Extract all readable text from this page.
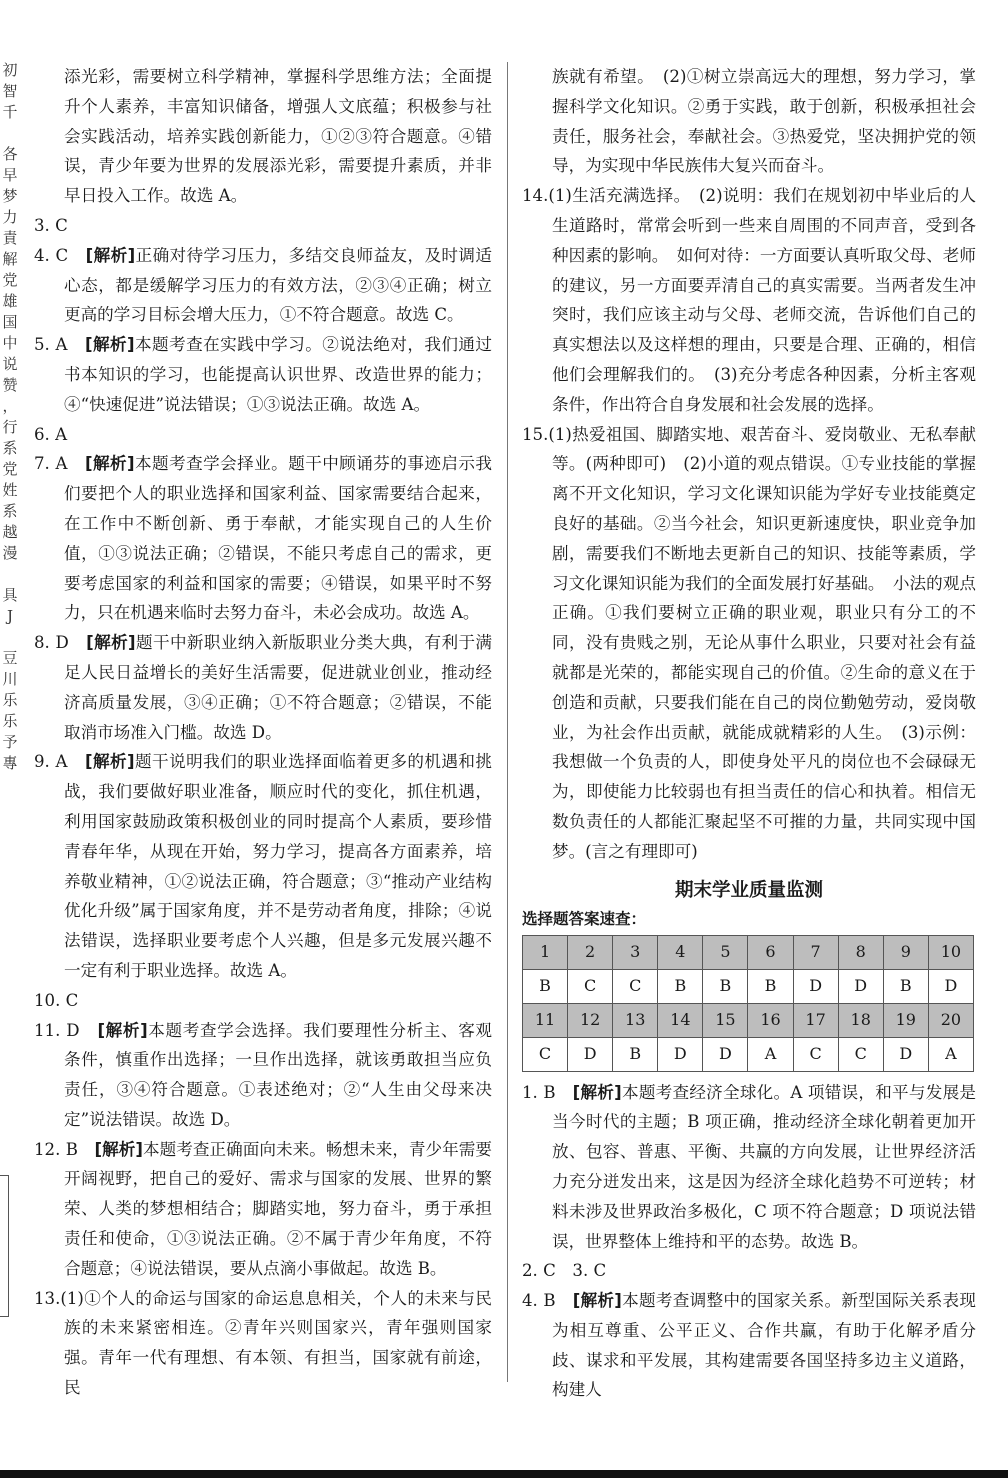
初
智
千
各
早
梦
力
責
解
党
雄
国
中
说
赞
，
行
系
党
姓
系
越
漫
具
J
豆
川
乐
乐
予
專

添光彩，需要树立科学精神，掌握科学思维方法；全面提升个人素养，丰富知识储备，增强人文底蕴；积极参与社会实践活动，培养实践创新能力，①②③符合题意。④错误，青少年要为世界的发展添光彩，需要提升素质，并非早日投入工作。故选 A。

3. C

4. C　 [解析]正确对待学习压力，多结交良师益友，及时调适心态，都是缓解学习压力的有效方法，②③④正确；树立更高的学习目标会增大压力，①不符合题意。故选 C。

5. A　 [解析]本题考查在实践中学习。②说法绝对，我们通过书本知识的学习，也能提高认识世界、改造世界的能力；④“快速促进”说法错误；①③说法正确。故选 A。

6. A

7. A　 [解析]本题考查学会择业。题干中顾诵芬的事迹启示我们要把个人的职业选择和国家利益、国家需要结合起来，在工作中不断创新、勇于奉献，才能实现自己的人生价值，①③说法正确；②错误，不能只考虑自己的需求，更要考虑国家的利益和国家的需要；④错误，如果平时不努力，只在机遇来临时去努力奋斗，未必会成功。故选 A。

8. D　 [解析]题干中新职业纳入新版职业分类大典，有利于满足人民日益增长的美好生活需要，促进就业创业，推动经济高质量发展，③④正确；①不符合题意；②错误，不能取消市场准入门槛。故选 D。

9. A　 [解析]题干说明我们的职业选择面临着更多的机遇和挑战，我们要做好职业准备，顺应时代的变化，抓住机遇，利用国家鼓励政策积极创业的同时提高个人素质，要珍惜青春年华，从现在开始，努力学习，提高各方面素养，培养敬业精神，①②说法正确，符合题意；③“推动产业结构优化升级”属于国家角度，并不是劳动者角度，排除；④说法错误，选择职业要考虑个人兴趣，但是多元发展兴趣不一定有利于职业选择。故选 A。

10. C

11. D　 [解析]本题考查学会选择。我们要理性分析主、客观条件，慎重作出选择；一旦作出选择，就该勇敢担当应负责任，③④符合题意。①表述绝对；②“人生由父母来决定”说法错误。故选 D。

12. B　 [解析]本题考查正确面向未来。畅想未来，青少年需要开阔视野，把自己的爱好、需求与国家的发展、世界的繁荣、人类的梦想相结合；脚踏实地，努力奋斗，勇于承担责任和使命，①③说法正确。②不属于青少年角度，不符合题意；④说法错误，要从点滴小事做起。故选 B。

13.(1)①个人的命运与国家的命运息息相关，个人的未来与民族的未来紧密相连。②青年兴则国家兴，青年强则国家强。青年一代有理想、有本领、有担当，国家就有前途，民

族就有希望。　(2)①树立崇高远大的理想，努力学习，掌握科学文化知识。②勇于实践，敢于创新，积极承担社会责任，服务社会，奉献社会。③热爱党，坚决拥护党的领导，为实现中华民族伟大复兴而奋斗。

14.(1)生活充满选择。　(2)说明：我们在规划初中毕业后的人生道路时，常常会听到一些来自周围的不同声音，受到各种因素的影响。　如何对待：一方面要认真听取父母、老师的建议，另一方面要弄清自己的真实需要。当两者发生冲突时，我们应该主动与父母、老师交流，告诉他们自己的真实想法以及这样想的理由，只要是合理、正确的，相信他们会理解我们的。　(3)充分考虑各种因素，分析主客观条件，作出符合自身发展和社会发展的选择。

15.(1)热爱祖国、脚踏实地、艰苦奋斗、爱岗敬业、无私奉献等。(两种即可)　(2)小道的观点错误。①专业技能的掌握离不开文化知识，学习文化课知识能为学好专业技能奠定良好的基础。②当今社会，知识更新速度快，职业竞争加剧，需要我们不断地去更新自己的知识、技能等素质，学习文化课知识能为我们的全面发展打好基础。　小法的观点正确。①我们要树立正确的职业观，职业只有分工的不同，没有贵贱之别，无论从事什么职业，只要对社会有益就都是光荣的，都能实现自己的价值。②生命的意义在于创造和贡献，只要我们能在自己的岗位勤勉劳动，爱岗敬业，为社会作出贡献，就能成就精彩的人生。　(3)示例：我想做一个负责的人，即使身处平凡的岗位也不会碌碌无为，即使能力比较弱也有担当责任的信心和执着。相信无数负责任的人都能汇聚起坚不可摧的力量，共同实现中国梦。(言之有理即可)

期末学业质量监测
选择题答案速查：
1	2	3	4	5	6	7	8	9	10
B	C	C	B	B	B	D	D	B	D
11	12	13	14	15	16	17	18	19	20
C	D	B	D	D	A	C	C	D	A

1. B　 [解析]本题考查经济全球化。A 项错误，和平与发展是当今时代的主题；B 项正确，推动经济全球化朝着更加开放、包容、普惠、平衡、共赢的方向发展，让世界经济活力充分迸发出来，这是因为经济全球化趋势不可逆转；材料未涉及世界政治多极化，C 项不符合题意；D 项说法错误，世界整体上维持和平的态势。故选 B。

2. C　3. C

4. B　 [解析]本题考查调整中的国家关系。新型国际关系表现为相互尊重、公平正义、合作共赢，有助于化解矛盾分歧、谋求和平发展，其构建需要各国坚持多边主义道路，构建人
